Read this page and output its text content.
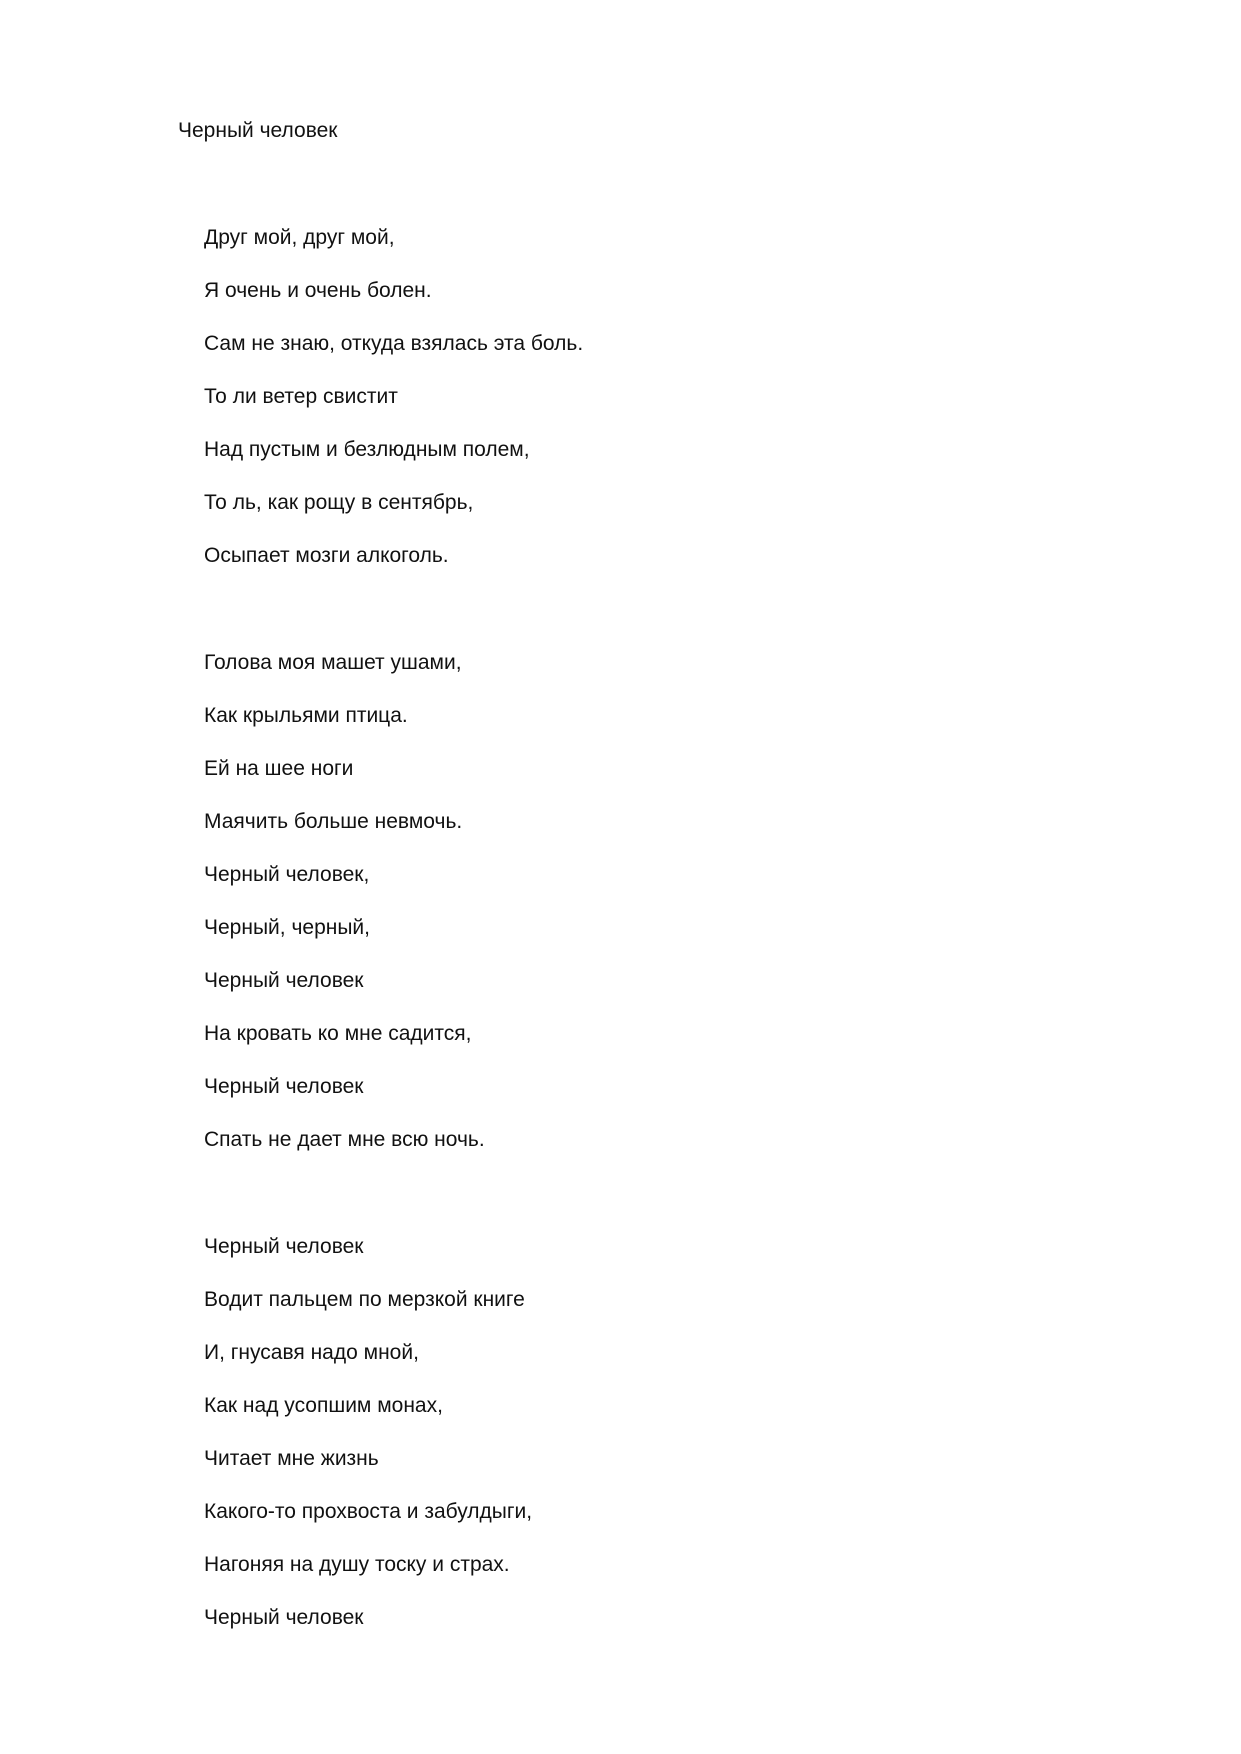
Черный человек
Друг мой, друг мой,
Я очень и очень болен.
Сам не знаю, откуда взялась эта боль.
То ли ветер свистит
Над пустым и безлюдным полем,
То ль, как рощу в сентябрь,
Осыпает мозги алкоголь.
Голова моя машет ушами,
Как крыльями птица.
Ей на шее ноги
Маячить больше невмочь.
Черный человек,
Черный, черный,
Черный человек
На кровать ко мне садится,
Черный человек
Спать не дает мне всю ночь.
Черный человек
Водит пальцем по мерзкой книге
И, гнусавя надо мной,
Как над усопшим монах,
Читает мне жизнь
Какого-то прохвоста и забулдыги,
Нагоняя на душу тоску и страх.
Черный человек
